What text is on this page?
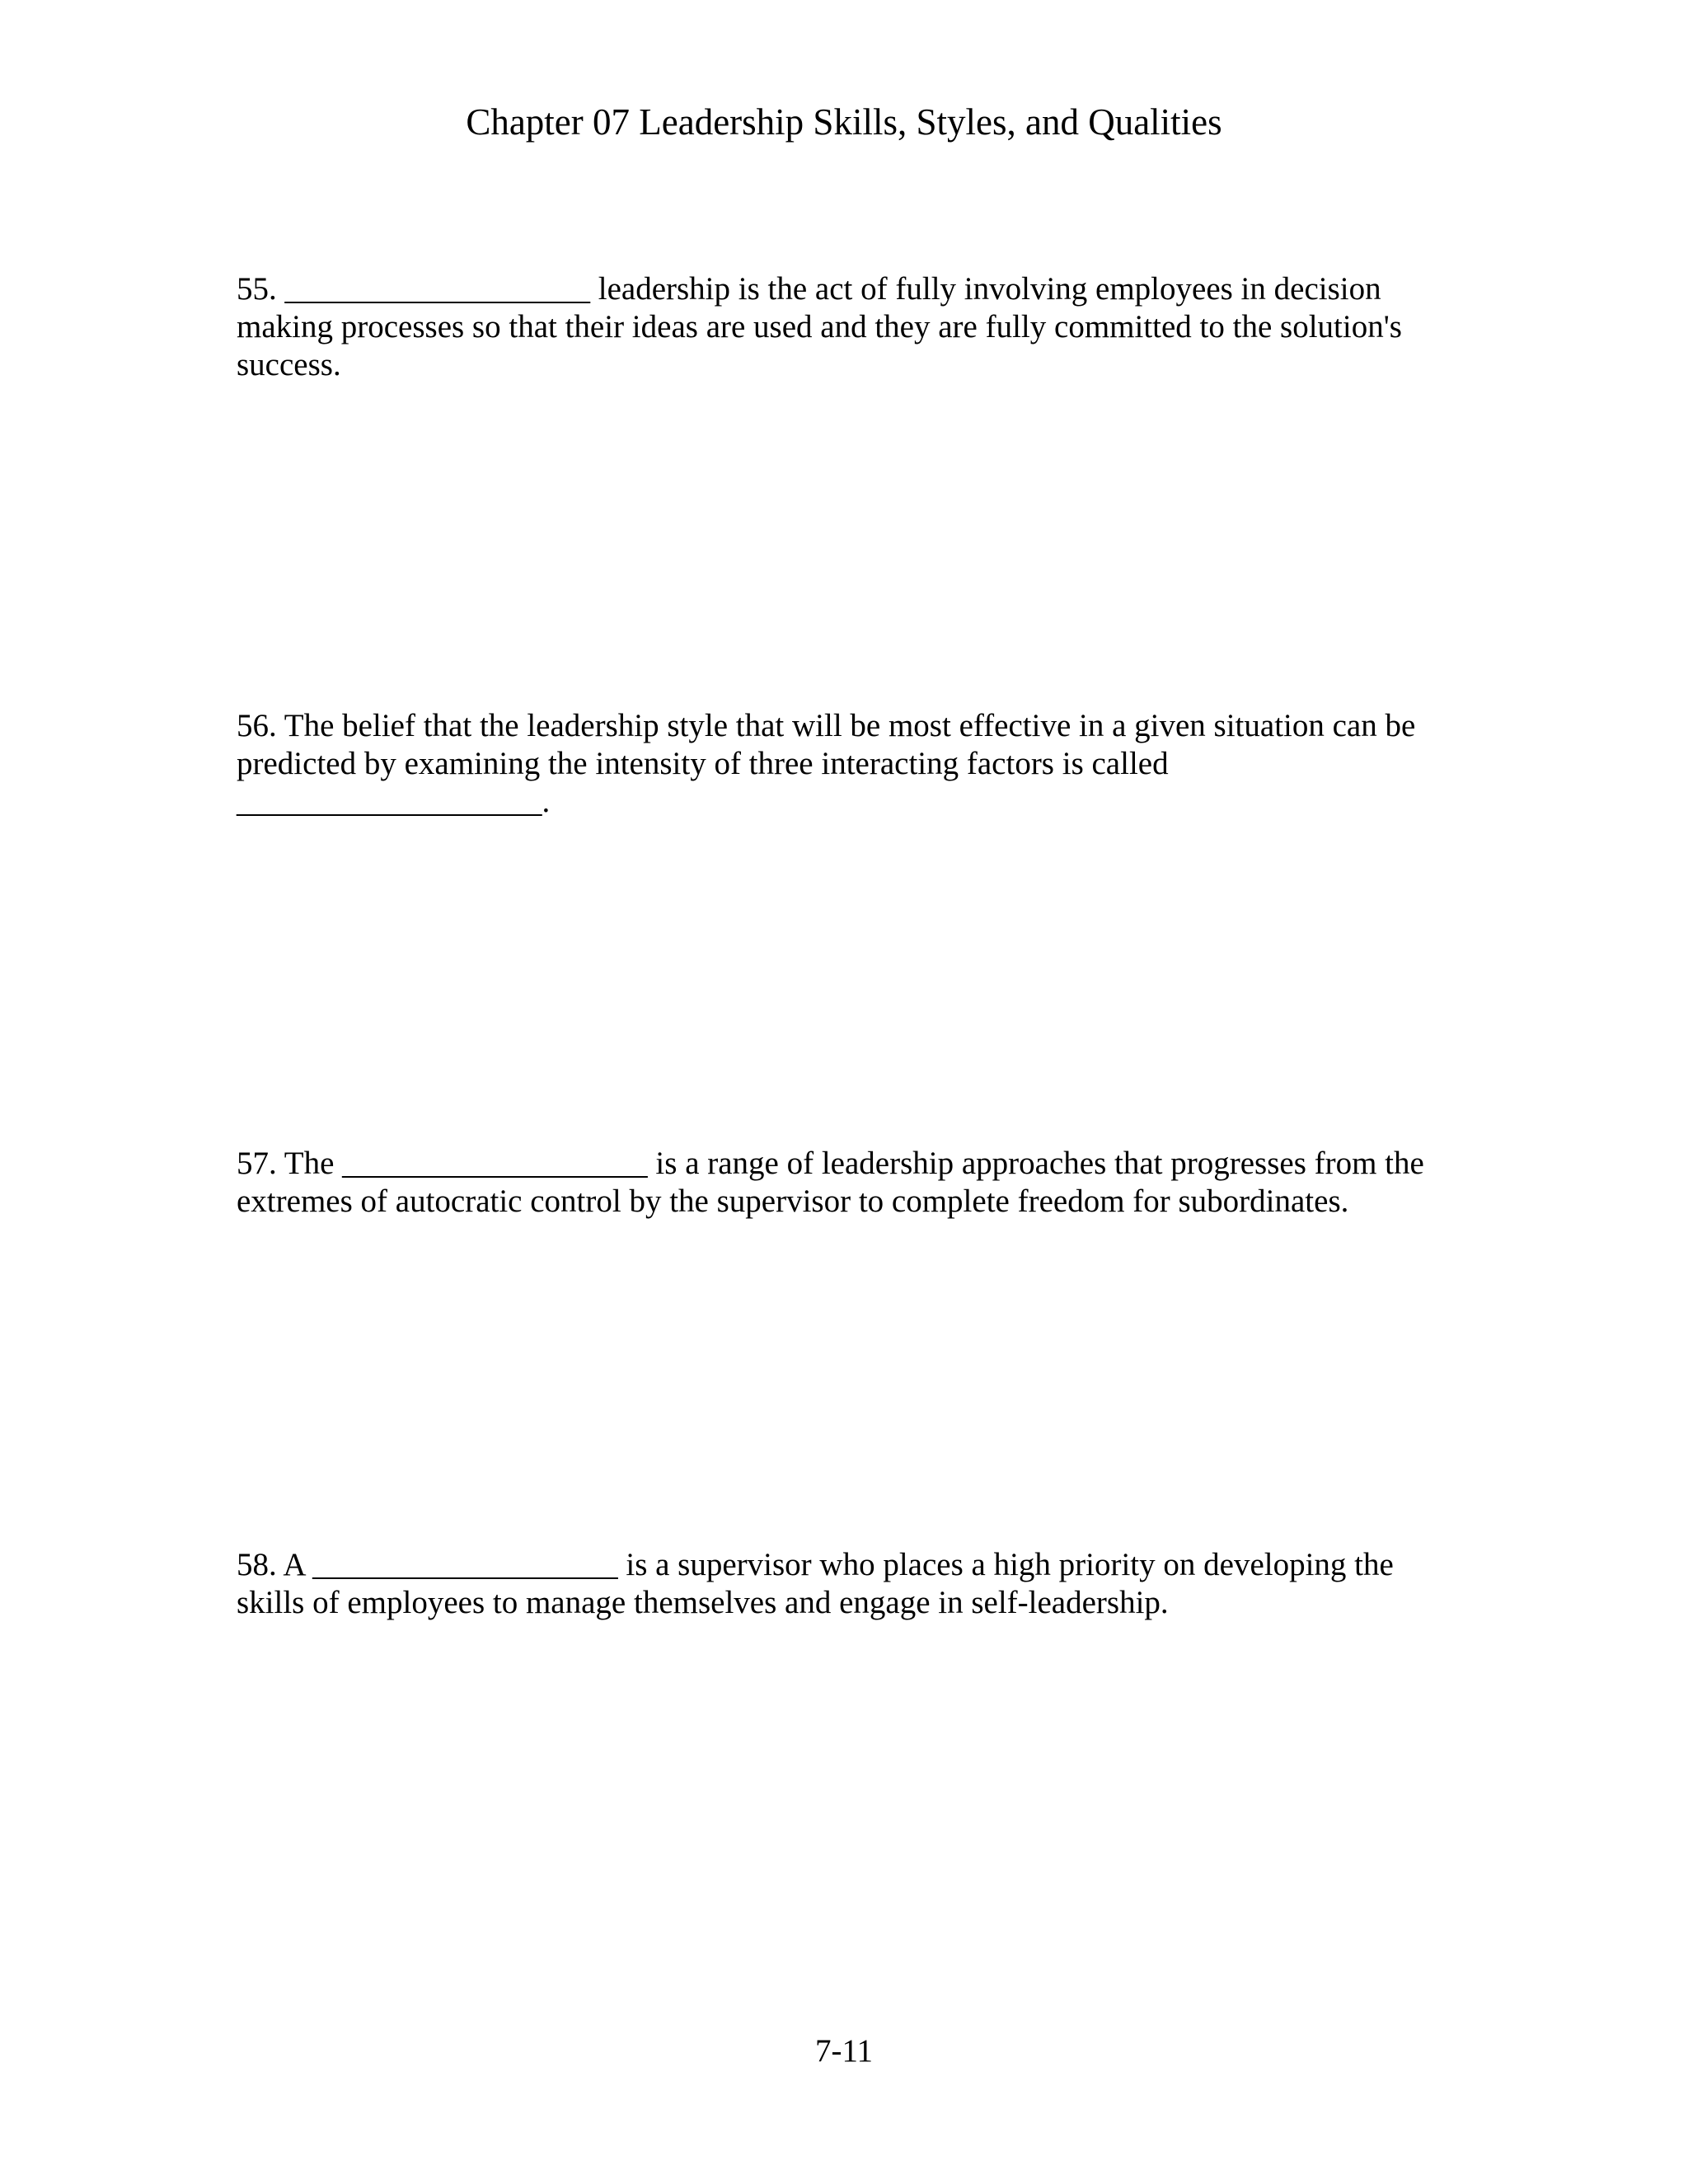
Chapter 07 Leadership Skills, Styles, and Qualities

55. ___________________ leadership is the act of fully involving employees in decision making processes so that their ideas are used and they are fully committed to the solution's success.

56. The belief that the leadership style that will be most effective in a given situation can be predicted by examining the intensity of three interacting factors is called ___________________.

57. The ___________________ is a range of leadership approaches that progresses from the extremes of autocratic control by the supervisor to complete freedom for subordinates.

58. A ___________________ is a supervisor who places a high priority on developing the skills of employees to manage themselves and engage in self-leadership.

7-11
